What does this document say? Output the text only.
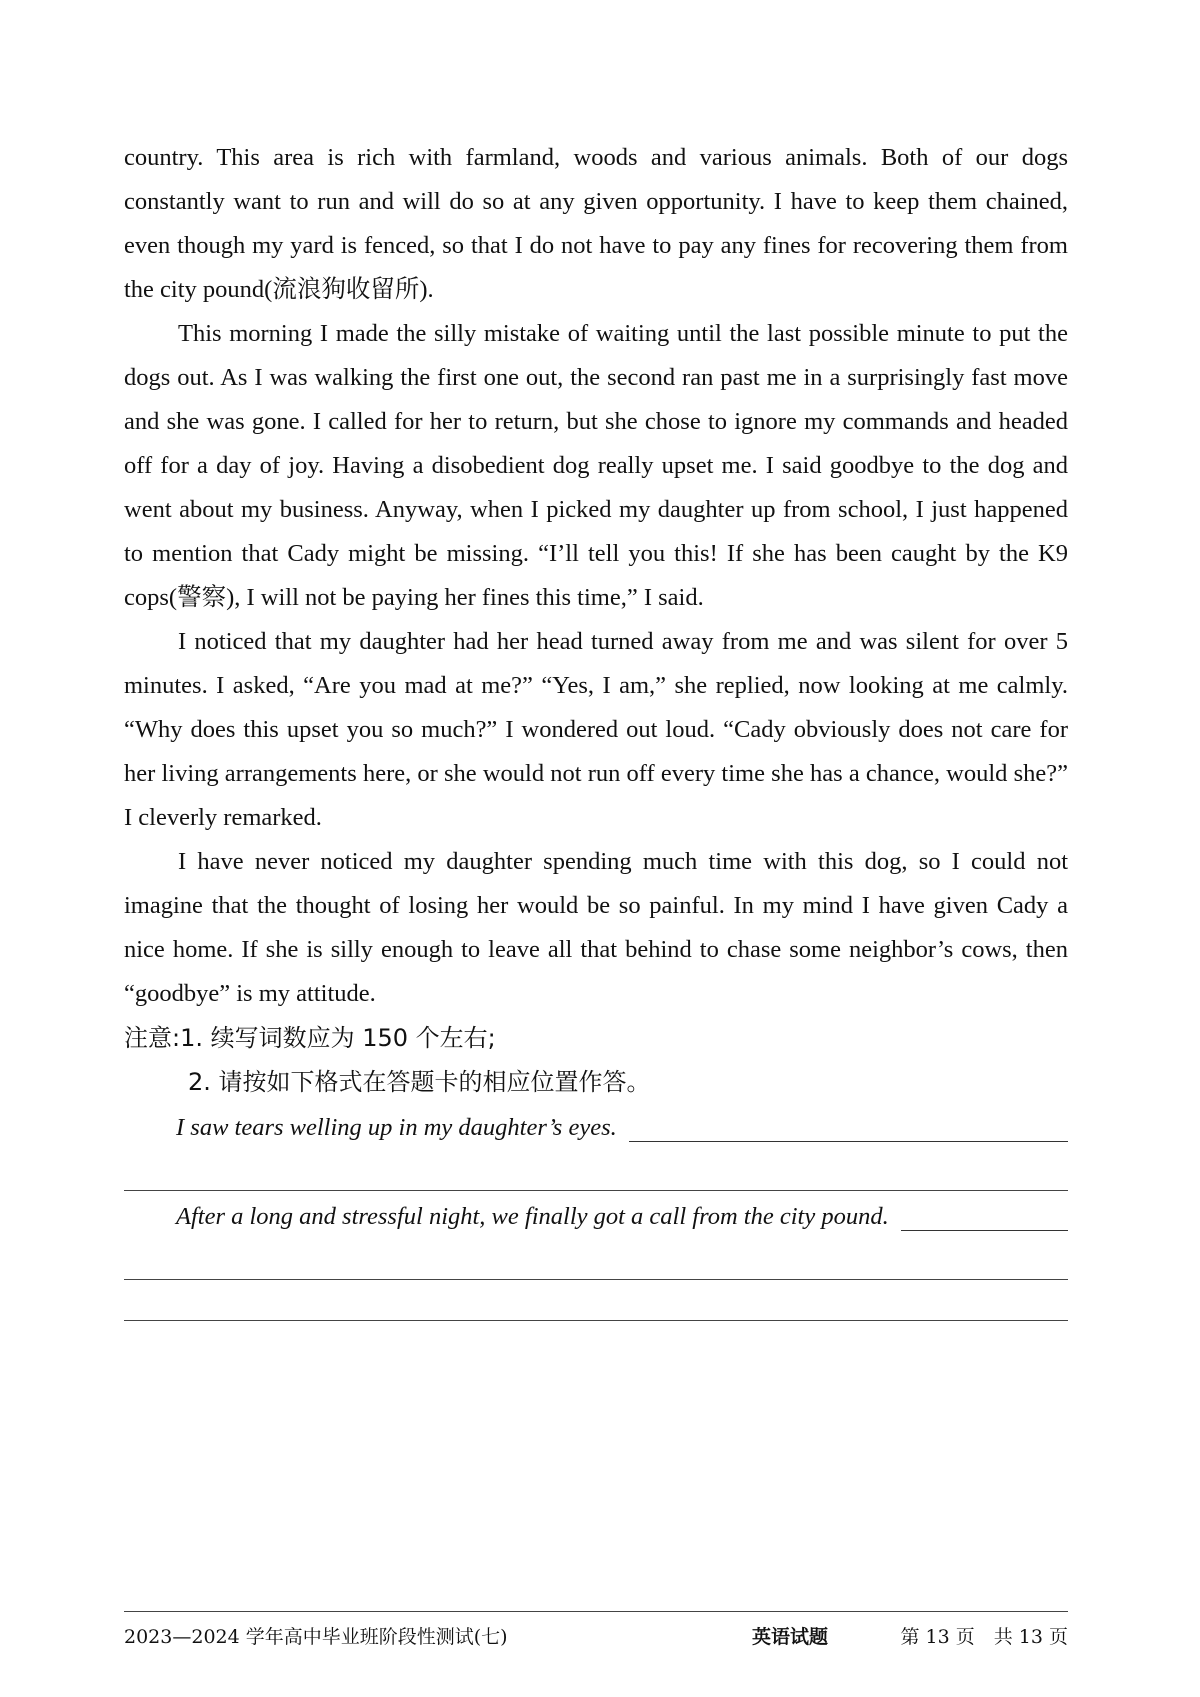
country. This area is rich with farmland, woods and various animals. Both of our dogs constantly want to run and will do so at any given opportunity. I have to keep them chained, even though my yard is fenced, so that I do not have to pay any fines for recovering them from the city pound(流浪狗收留所).

This morning I made the silly mistake of waiting until the last possible minute to put the dogs out. As I was walking the first one out, the second ran past me in a surprisingly fast move and she was gone. I called for her to return, but she chose to ignore my commands and headed off for a day of joy. Having a disobedient dog really upset me. I said goodbye to the dog and went about my business. Anyway, when I picked my daughter up from school, I just happened to mention that Cady might be missing. “I’ll tell you this! If she has been caught by the K9 cops(警察), I will not be paying her fines this time,” I said.

I noticed that my daughter had her head turned away from me and was silent for over 5 minutes. I asked, “Are you mad at me?” “Yes, I am,” she replied, now looking at me calmly. “Why does this upset you so much?” I wondered out loud. “Cady obviously does not care for her living arrangements here, or she would not run off every time she has a chance, would she?” I cleverly remarked.

I have never noticed my daughter spending much time with this dog, so I could not imagine that the thought of losing her would be so painful. In my mind I have given Cady a nice home. If she is silly enough to leave all that behind to chase some neighbor’s cows, then “goodbye” is my attitude.

注意:1. 续写词数应为 150 个左右;

2. 请按如下格式在答题卡的相应位置作答。

I saw tears welling up in my daughter’s eyes.
After a long and stressful night, we finally got a call from the city pound.
2023—2024 学年高中毕业班阶段性测试(七)	英语试题	第 13 页　共 13 页
